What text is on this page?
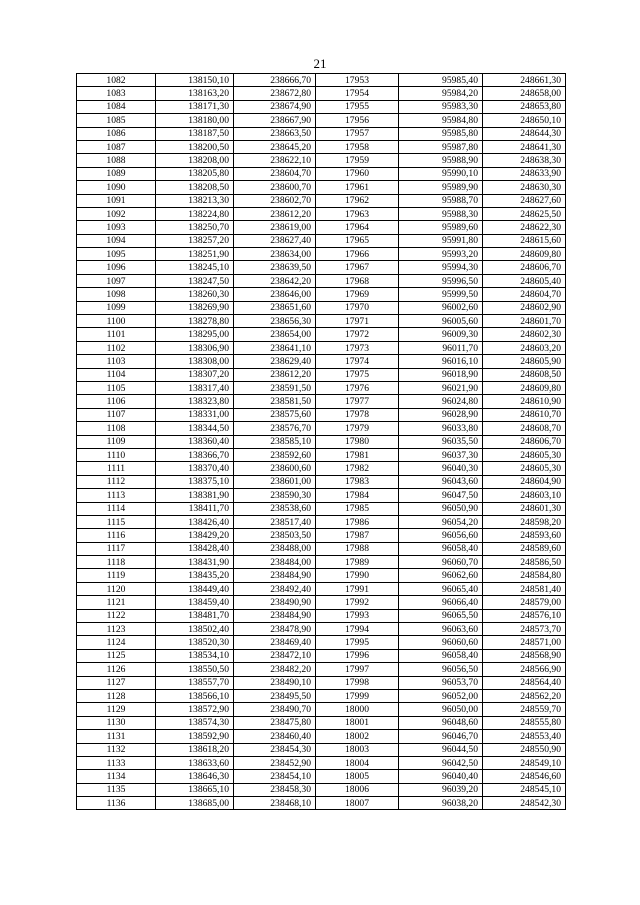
21
1082	138150,10	238666,70	17953	95985,40	248661,30
1083	138163,20	238672,80	17954	95984,20	248658,00
1084	138171,30	238674,90	17955	95983,30	248653,80
1085	138180,00	238667,90	17956	95984,80	248650,10
1086	138187,50	238663,50	17957	95985,80	248644,30
1087	138200,50	238645,20	17958	95987,80	248641,30
1088	138208,00	238622,10	17959	95988,90	248638,30
1089	138205,80	238604,70	17960	95990,10	248633,90
1090	138208,50	238600,70	17961	95989,90	248630,30
1091	138213,30	238602,70	17962	95988,70	248627,60
1092	138224,80	238612,20	17963	95988,30	248625,50
1093	138250,70	238619,00	17964	95989,60	248622,30
1094	138257,20	238627,40	17965	95991,80	248615,60
1095	138251,90	238634,00	17966	95993,20	248609,80
1096	138245,10	238639,50	17967	95994,30	248606,70
1097	138247,50	238642,20	17968	95996,50	248605,40
1098	138260,30	238646,00	17969	95999,50	248604,70
1099	138269,90	238651,60	17970	96002,60	248602,90
1100	138278,80	238656,30	17971	96005,60	248601,70
1101	138295,00	238654,00	17972	96009,30	248602,30
1102	138306,90	238641,10	17973	96011,70	248603,20
1103	138308,00	238629,40	17974	96016,10	248605,90
1104	138307,20	238612,20	17975	96018,90	248608,50
1105	138317,40	238591,50	17976	96021,90	248609,80
1106	138323,80	238581,50	17977	96024,80	248610,90
1107	138331,00	238575,60	17978	96028,90	248610,70
1108	138344,50	238576,70	17979	96033,80	248608,70
1109	138360,40	238585,10	17980	96035,50	248606,70
1110	138366,70	238592,60	17981	96037,30	248605,30
1111	138370,40	238600,60	17982	96040,30	248605,30
1112	138375,10	238601,00	17983	96043,60	248604,90
1113	138381,90	238590,30	17984	96047,50	248603,10
1114	138411,70	238538,60	17985	96050,90	248601,30
1115	138426,40	238517,40	17986	96054,20	248598,20
1116	138429,20	238503,50	17987	96056,60	248593,60
1117	138428,40	238488,00	17988	96058,40	248589,60
1118	138431,90	238484,00	17989	96060,70	248586,50
1119	138435,20	238484,90	17990	96062,60	248584,80
1120	138449,40	238492,40	17991	96065,40	248581,40
1121	138459,40	238490,90	17992	96066,40	248579,00
1122	138481,70	238484,90	17993	96065,50	248576,10
1123	138502,40	238478,90	17994	96063,60	248573,70
1124	138520,30	238469,40	17995	96060,60	248571,00
1125	138534,10	238472,10	17996	96058,40	248568,90
1126	138550,50	238482,20	17997	96056,50	248566,90
1127	138557,70	238490,10	17998	96053,70	248564,40
1128	138566,10	238495,50	17999	96052,00	248562,20
1129	138572,90	238490,70	18000	96050,00	248559,70
1130	138574,30	238475,80	18001	96048,60	248555,80
1131	138592,90	238460,40	18002	96046,70	248553,40
1132	138618,20	238454,30	18003	96044,50	248550,90
1133	138633,60	238452,90	18004	96042,50	248549,10
1134	138646,30	238454,10	18005	96040,40	248546,60
1135	138665,10	238458,30	18006	96039,20	248545,10
1136	138685,00	238468,10	18007	96038,20	248542,30
